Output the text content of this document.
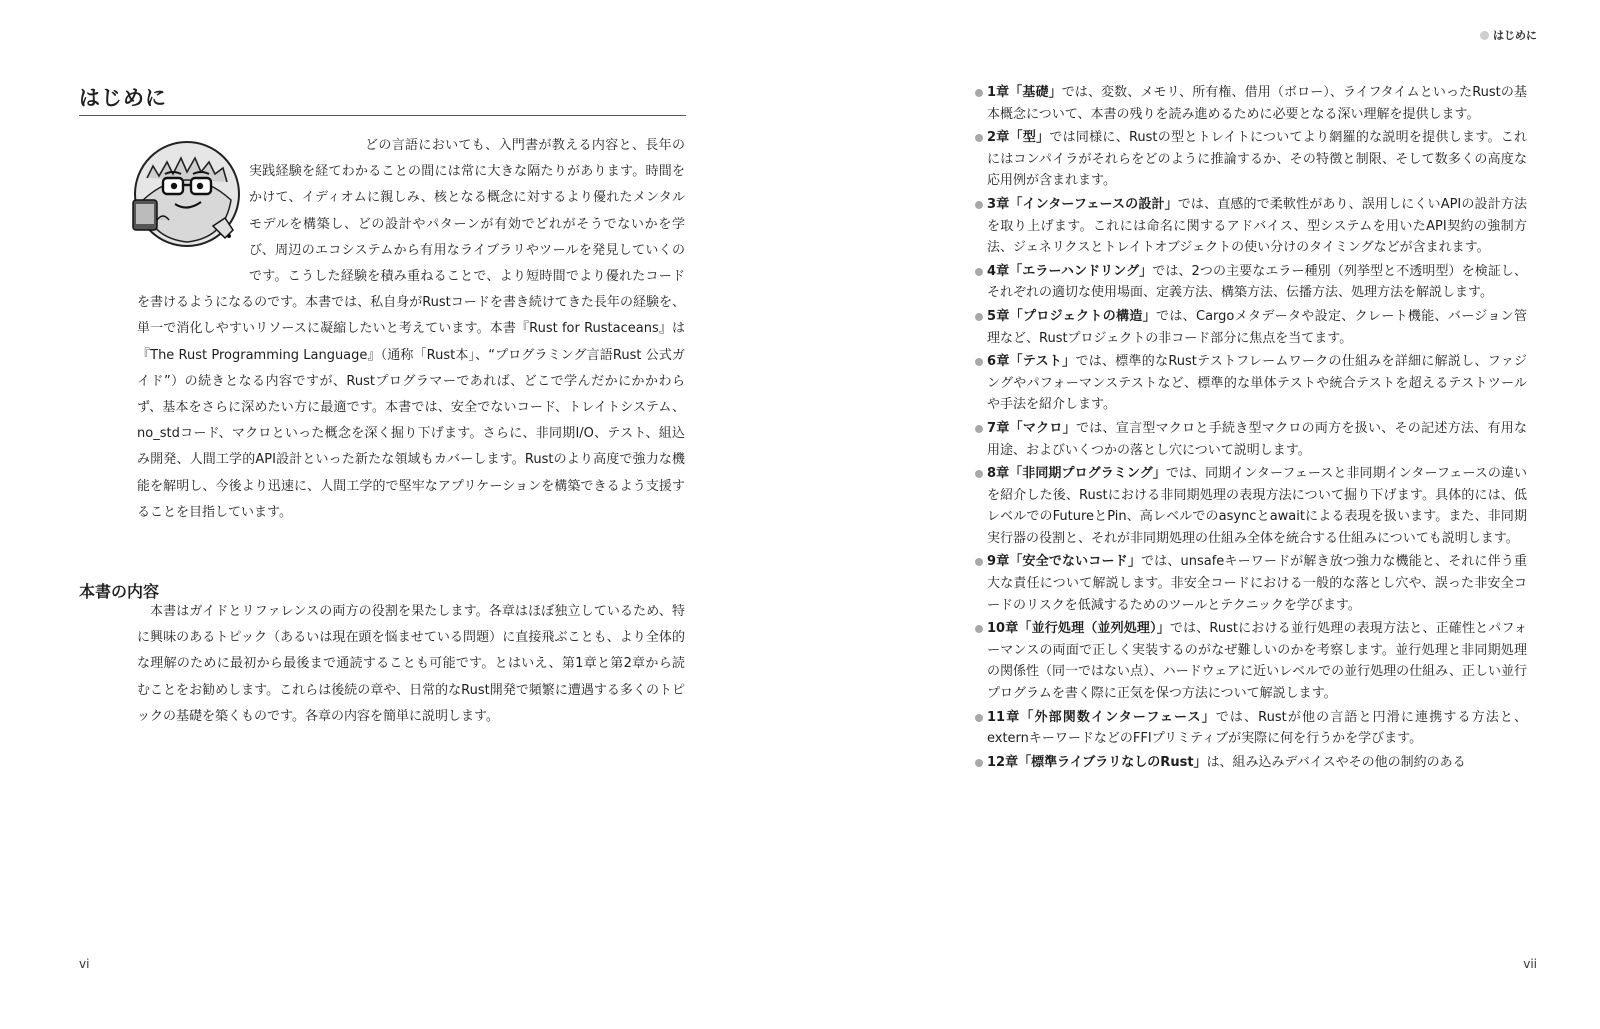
はじめに

どの言語においても、入門書が教える内容と、長年の実践経験を経てわかることの間には常に大きな隔たりがあります。時間をかけて、イディオムに親しみ、核となる概念に対するより優れたメンタルモデルを構築し、どの設計やパターンが有効でどれがそうでないかを学び、周辺のエコシステムから有用なライブラリやツールを発見していくのです。こうした経験を積み重ねることで、より短時間でより優れたコードを書けるようになるのです。本書では、私自身がRustコードを書き続けてきた長年の経験を、単一で消化しやすいリソースに凝縮したいと考えています。本書『Rust for Rustaceans』は『The Rust Programming Language』（通称「Rust本」、“プログラミング言語Rust 公式ガイド”）の続きとなる内容ですが、Rustプログラマーであれば、どこで学んだかにかかわらず、基本をさらに深めたい方に最適です。本書では、安全でないコード、トレイトシステム、no_stdコード、マクロといった概念を深く掘り下げます。さらに、非同期I/O、テスト、組込み開発、人間工学的API設計といった新たな領域もカバーします。Rustのより高度で強力な機能を解明し、今後より迅速に、人間工学的で堅牢なアプリケーションを構築できるよう支援することを目指しています。

本書の内容

本書はガイドとリファレンスの両方の役割を果たします。各章はほぼ独立しているため、特に興味のあるトピック（あるいは現在頭を悩ませている問題）に直接飛ぶことも、より全体的な理解のために最初から最後まで通読することも可能です。とはいえ、第1章と第2章から読むことをお勧めします。これらは後続の章や、日常的なRust開発で頻繁に遭遇する多くのトピックの基礎を築くものです。各章の内容を簡単に説明します。

vi
はじめに
1章「基礎」では、変数、メモリ、所有権、借用（ボロー）、ライフタイムといったRustの基本概念について、本書の残りを読み進めるために必要となる深い理解を提供します。
2章「型」では同様に、Rustの型とトレイトについてより網羅的な説明を提供します。これにはコンパイラがそれらをどのように推論するか、その特徴と制限、そして数多くの高度な応用例が含まれます。
3章「インターフェースの設計」では、直感的で柔軟性があり、誤用しにくいAPIの設計方法を取り上げます。これには命名に関するアドバイス、型システムを用いたAPI契約の強制方法、ジェネリクスとトレイトオブジェクトの使い分けのタイミングなどが含まれます。
4章「エラーハンドリング」では、2つの主要なエラー種別（列挙型と不透明型）を検証し、それぞれの適切な使用場面、定義方法、構築方法、伝播方法、処理方法を解説します。
5章「プロジェクトの構造」では、Cargoメタデータや設定、クレート機能、バージョン管理など、Rustプロジェクトの非コード部分に焦点を当てます。
6章「テスト」では、標準的なRustテストフレームワークの仕組みを詳細に解説し、ファジングやパフォーマンステストなど、標準的な単体テストや統合テストを超えるテストツールや手法を紹介します。
7章「マクロ」では、宣言型マクロと手続き型マクロの両方を扱い、その記述方法、有用な用途、およびいくつかの落とし穴について説明します。
8章「非同期プログラミング」では、同期インターフェースと非同期インターフェースの違いを紹介した後、Rustにおける非同期処理の表現方法について掘り下げます。具体的には、低レベルでのFutureとPin、高レベルでのasyncとawaitによる表現を扱います。また、非同期実行器の役割と、それが非同期処理の仕組み全体を統合する仕組みについても説明します。
9章「安全でないコード」では、unsafeキーワードが解き放つ強力な機能と、それに伴う重大な責任について解説します。非安全コードにおける一般的な落とし穴や、誤った非安全コードのリスクを低減するためのツールとテクニックを学びます。
10章「並行処理（並列処理）」では、Rustにおける並行処理の表現方法と、正確性とパフォーマンスの両面で正しく実装するのがなぜ難しいのかを考察します。並行処理と非同期処理の関係性（同一ではない点）、ハードウェアに近いレベルでの並行処理の仕組み、正しい並行プログラムを書く際に正気を保つ方法について解説します。
11章「外部関数インターフェース」では、Rustが他の言語と円滑に連携する方法と、externキーワードなどのFFIプリミティブが実際に何を行うかを学びます。
12章「標準ライブラリなしのRust」は、組み込みデバイスやその他の制約のある
vii
